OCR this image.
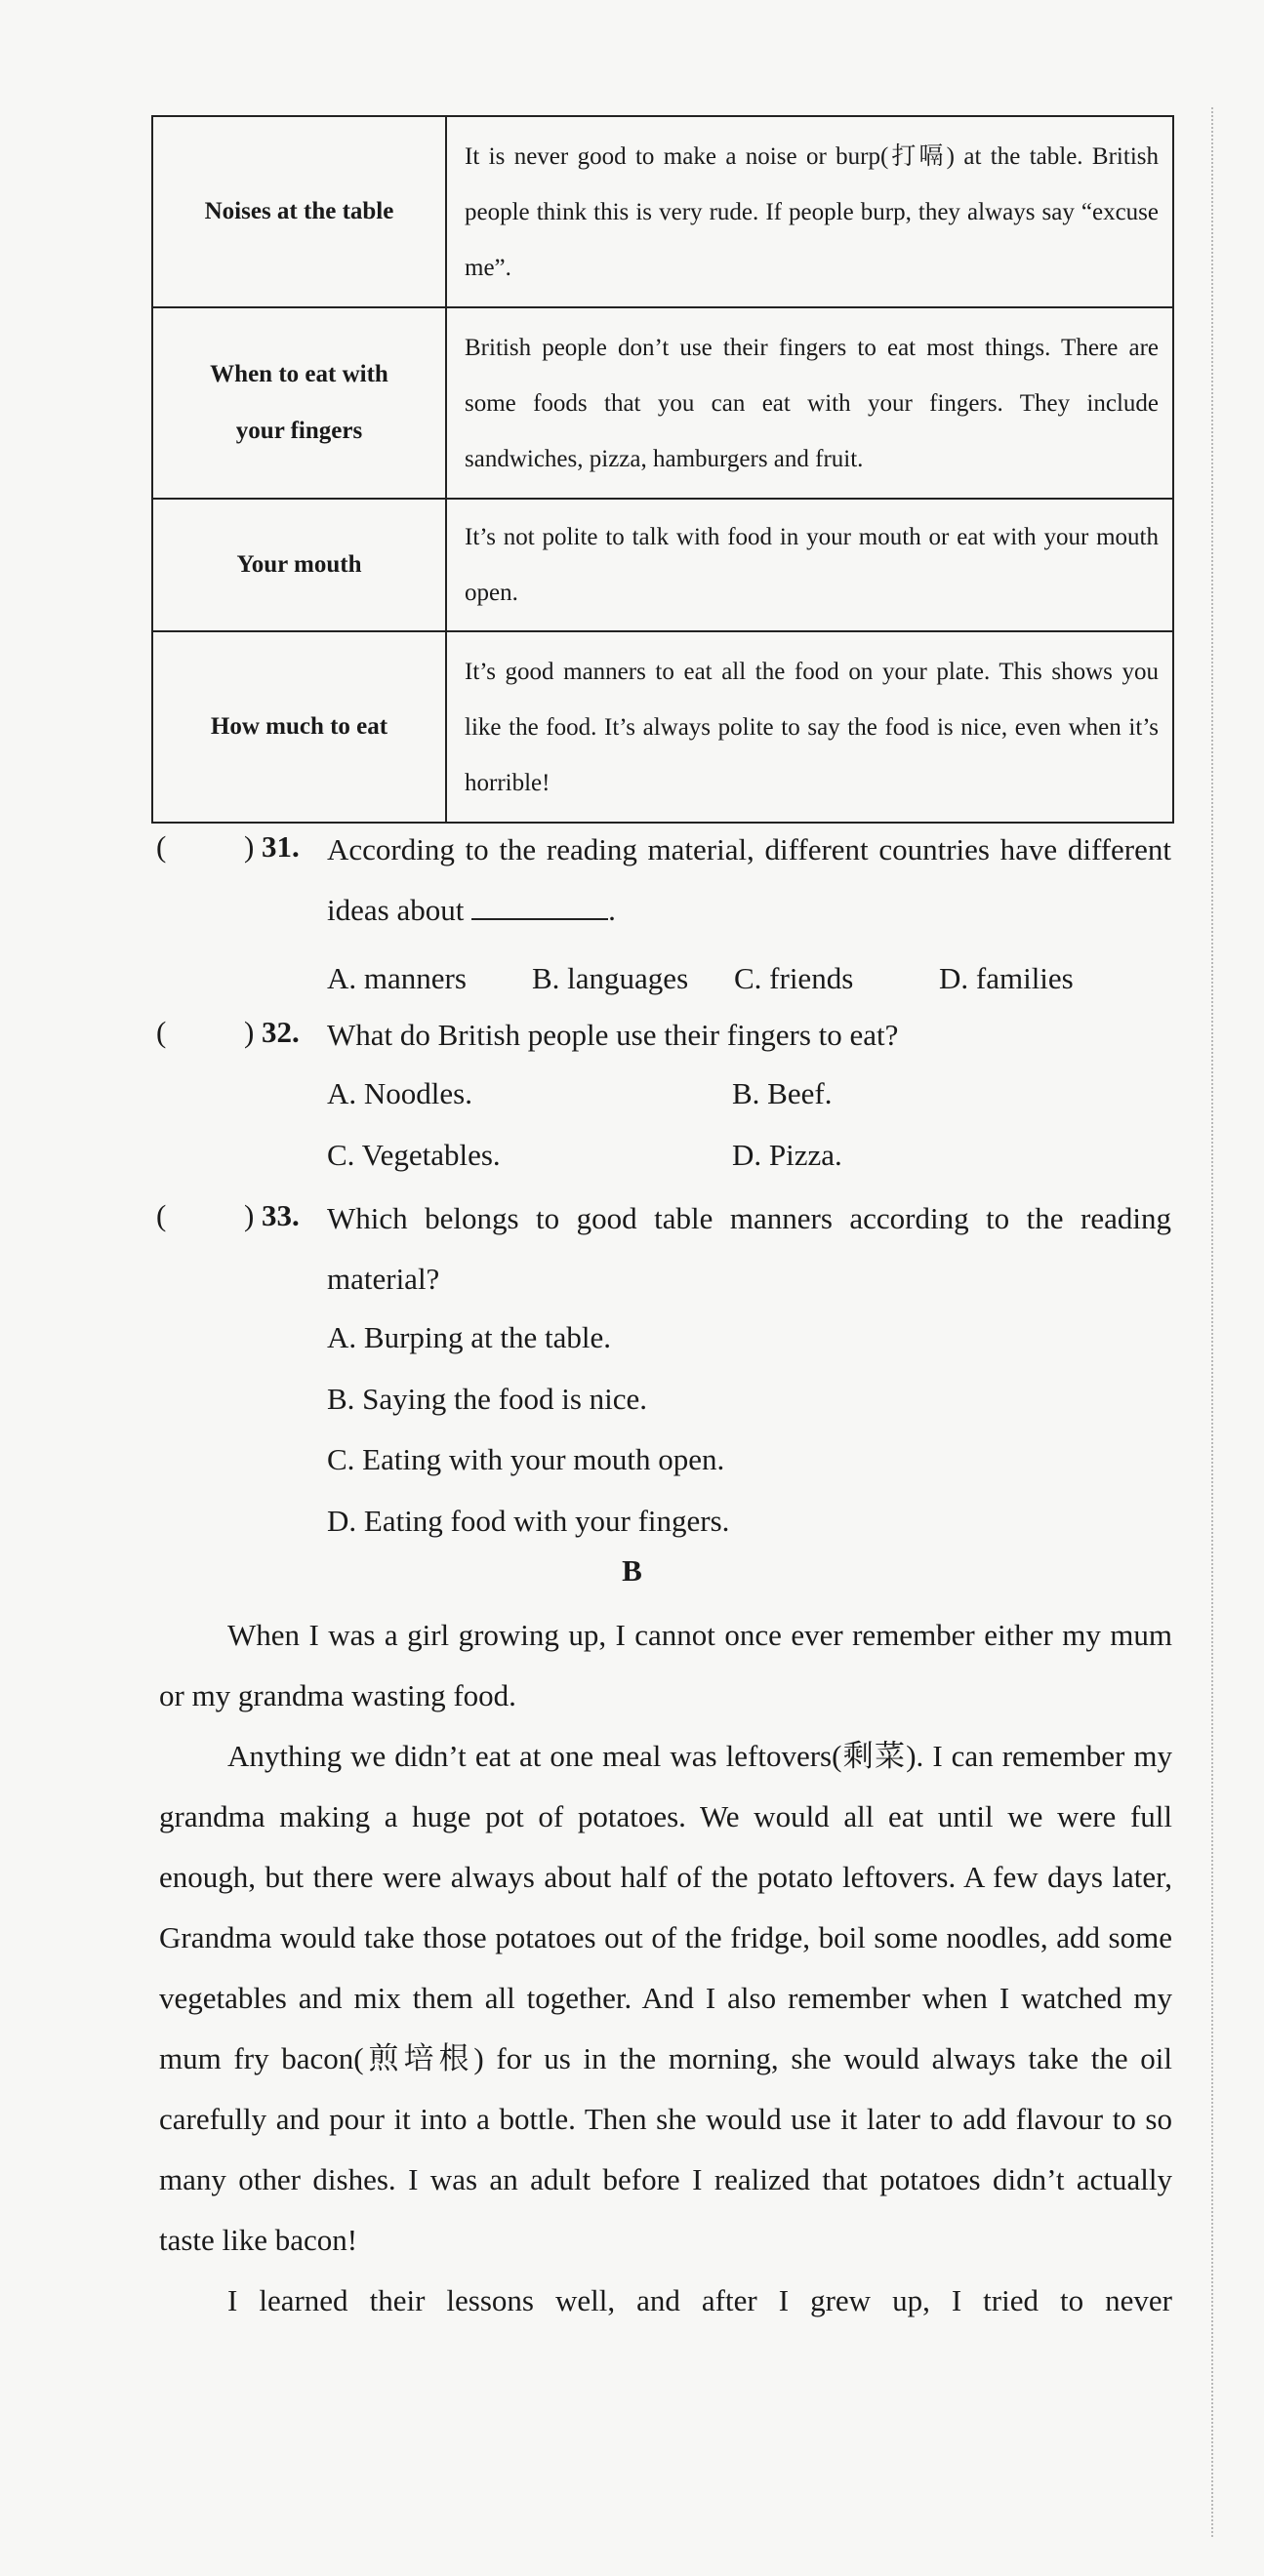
Noises at the table	It is never good to make a noise or burp(打嗝) at the table. British people think this is very rude. If people burp, they always say “excuse me”.
When to eat with your fingers	British people don’t use their fingers to eat most things. There are some foods that you can eat with your fingers. They include sandwiches, pizza, hamburgers and fruit.
Your mouth	It’s not polite to talk with food in your mouth or eat with your mouth open.
How much to eat	It’s good manners to eat all the food on your plate. This shows you like the food. It’s always polite to say the food is nice, even when it’s horrible!
(	) 31. According to the reading material, different countries have different ideas about	.
A. manners B. languages C. friends	D. families
(	) 32. What do British people use their fingers to eat?
A. Noodles.	B. Beef.
C. Vegetables.	D. Pizza.
(	) 33. Which belongs to good table manners according to the reading material?
A. Burping at the table.
B. Saying the food is nice.
C. Eating with your mouth open.
D. Eating food with your fingers.
B

When I was a girl growing up, I cannot once ever remember either my mum or my grandma wasting food.

Anything we didn’t eat at one meal was leftovers(剩菜). I can remember my grandma making a huge pot of potatoes. We would all eat until we were full enough, but there were always about half of the potato leftovers. A few days later, Grandma would take those potatoes out of the fridge, boil some noodles, add some vegetables and mix them all together. And I also remember when I watched my mum fry bacon(煎培根) for us in the morning, she would always take the oil carefully and pour it into a bottle. Then she would use it later to add flavour to so many other dishes. I was an adult before I realized that potatoes didn’t actually taste like bacon!

I learned their lessons well, and after I grew up, I tried to never
